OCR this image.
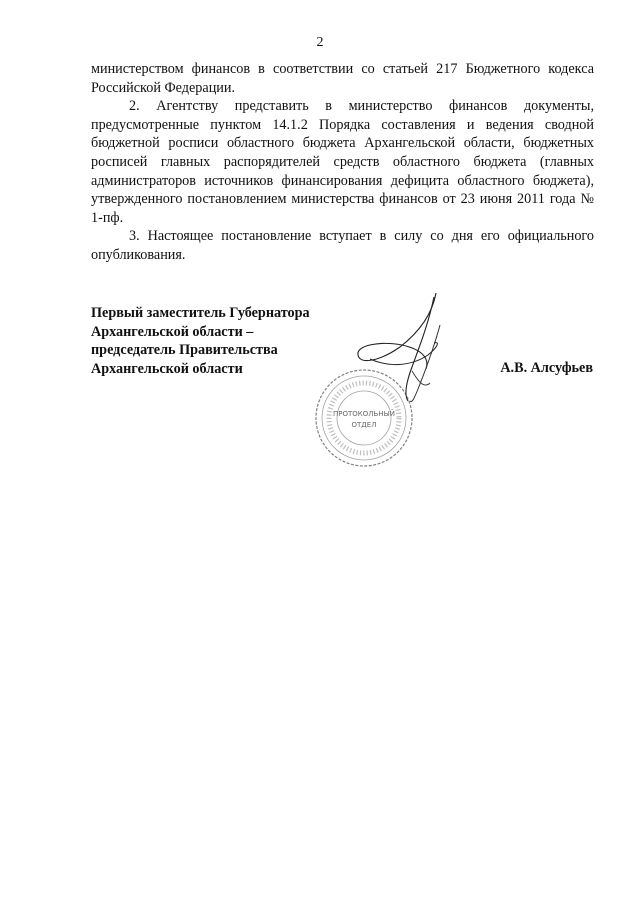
2

министерством финансов в соответствии со статьей 217 Бюджетного кодекса Российской Федерации.

2. Агентству представить в министерство финансов документы, предусмотренные пунктом 14.1.2 Порядка составления и ведения сводной бюджетной росписи областного бюджета Архангельской области, бюджетных росписей главных распорядителей средств областного бюджета (главных администраторов источников финансирования дефицита областного бюджета), утвержденного постановлением министерства финансов от 23 июня 2011 года № 1-пф.

3. Настоящее постановление вступает в силу со дня его официального опубликования.

Первый заместитель Губернатора
Архангельской области –
председатель Правительства
Архангельской области	А.В. Алсуфьев
ПРОТОКОЛЬНЫЙ
ОТДЕЛ
